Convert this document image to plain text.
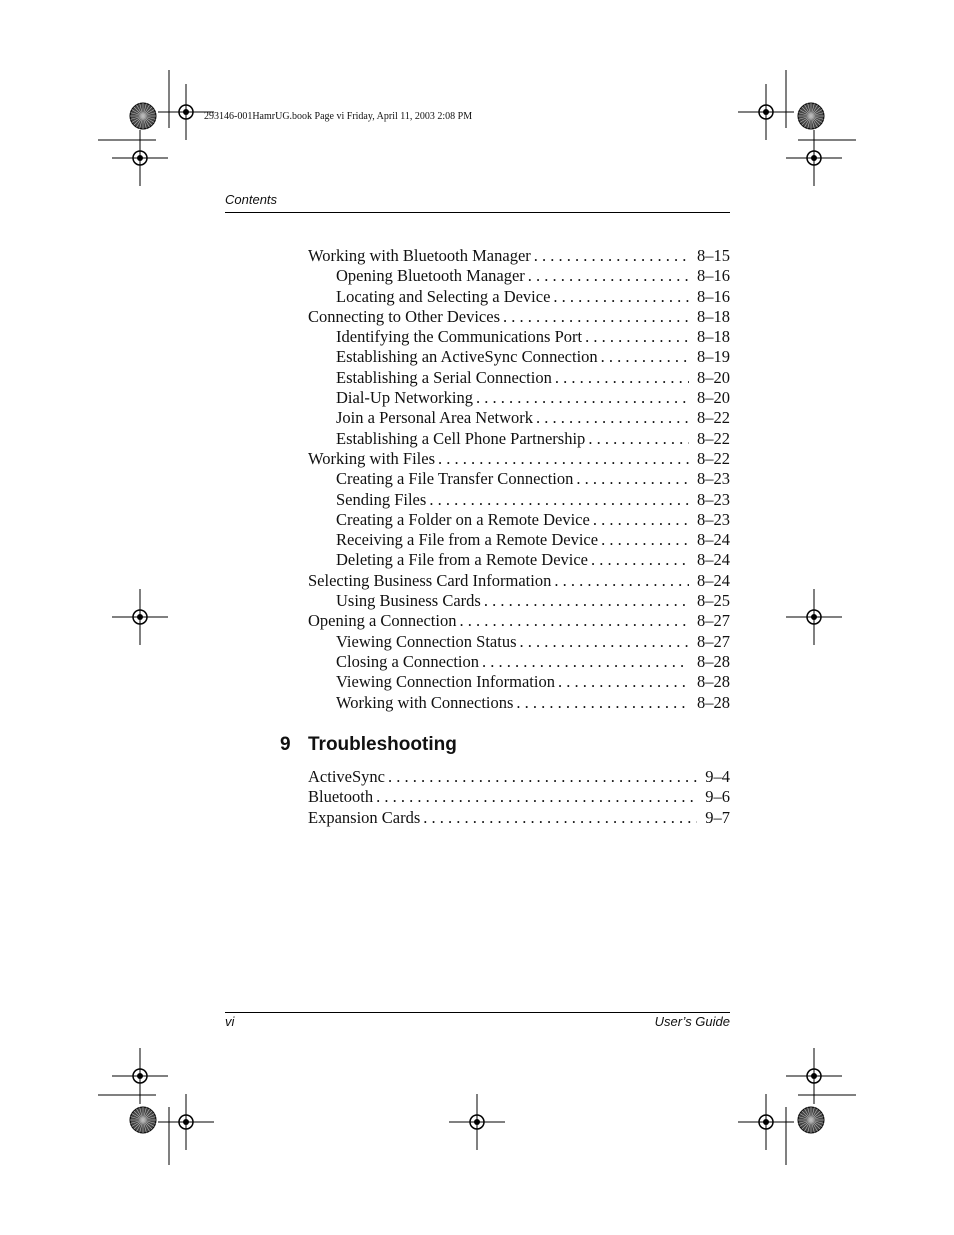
293146-001HamrUG.book Page vi Friday, April 11, 2003 2:08 PM
Contents
Working with Bluetooth Manager . . .	8–15
Opening Bluetooth Manager . . .	8–16
Locating and Selecting a Device . . .	8–16
Connecting to Other Devices . . .	8–18
Identifying the Communications Port . . .	8–18
Establishing an ActiveSync Connection . . .	8–19
Establishing a Serial Connection . . .	8–20
Dial-Up Networking . . .	8–20
Join a Personal Area Network . . .	8–22
Establishing a Cell Phone Partnership . . .	8–22
Working with Files . . .	8–22
Creating a File Transfer Connection . . .	8–23
Sending Files . . .	8–23
Creating a Folder on a Remote Device . . .	8–23
Receiving a File from a Remote Device . . .	8–24
Deleting a File from a Remote Device . . .	8–24
Selecting Business Card Information . . .	8–24
Using Business Cards . . .	8–25
Opening a Connection . . .	8–27
Viewing Connection Status . . .	8–27
Closing a Connection . . .	8–28
Viewing Connection Information . . .	8–28
Working with Connections . . .	8–28
9 Troubleshooting
ActiveSync . . .	9–4
Bluetooth . . .	9–6
Expansion Cards . . .	9–7
vi	User’s Guide
